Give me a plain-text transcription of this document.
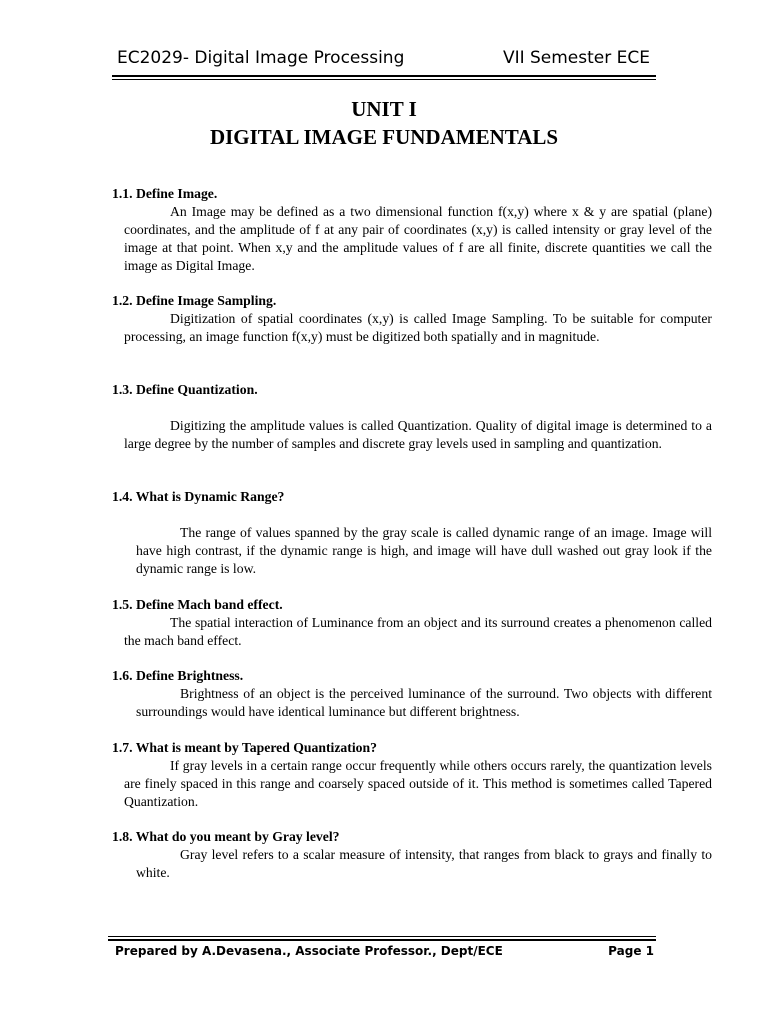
EC2029- Digital Image Processing	VII Semester ECE
UNIT I
DIGITAL IMAGE FUNDAMENTALS
1.1. Define Image.
An Image may be defined as a two dimensional function f(x,y) where x & y are spatial (plane) coordinates, and the amplitude of f at any pair of coordinates (x,y) is called intensity or gray level of the image at that point. When x,y and the amplitude values of f are all finite, discrete quantities we call the image as Digital Image.
1.2. Define Image Sampling.
Digitization of spatial coordinates (x,y) is called Image Sampling. To be suitable for computer processing, an image function f(x,y) must be digitized both spatially and in magnitude.
1.3. Define Quantization.
Digitizing the amplitude values is called Quantization. Quality of digital image is determined to a large degree by the number of samples and discrete gray levels used in sampling and quantization.
1.4. What is Dynamic Range?
The range of values spanned by the gray scale is called dynamic range of an image. Image will have high contrast, if the dynamic range is high, and image will have dull washed out gray look if the dynamic range is low.
1.5. Define Mach band effect.
The spatial interaction of Luminance from an object and its surround creates a phenomenon called the mach band effect.
1.6. Define Brightness.
Brightness of an object is the perceived luminance of the surround. Two objects with different surroundings would have identical luminance but different brightness.
1.7. What is meant by Tapered Quantization?
If gray levels in a certain range occur frequently while others occurs rarely, the quantization levels are finely spaced in this range and coarsely spaced outside of it. This method is sometimes called Tapered Quantization.
1.8. What do you meant by Gray level?
Gray level refers to a scalar measure of intensity, that ranges from black to grays and finally to white.
Prepared by A.Devasena., Associate Professor., Dept/ECE	Page 1
